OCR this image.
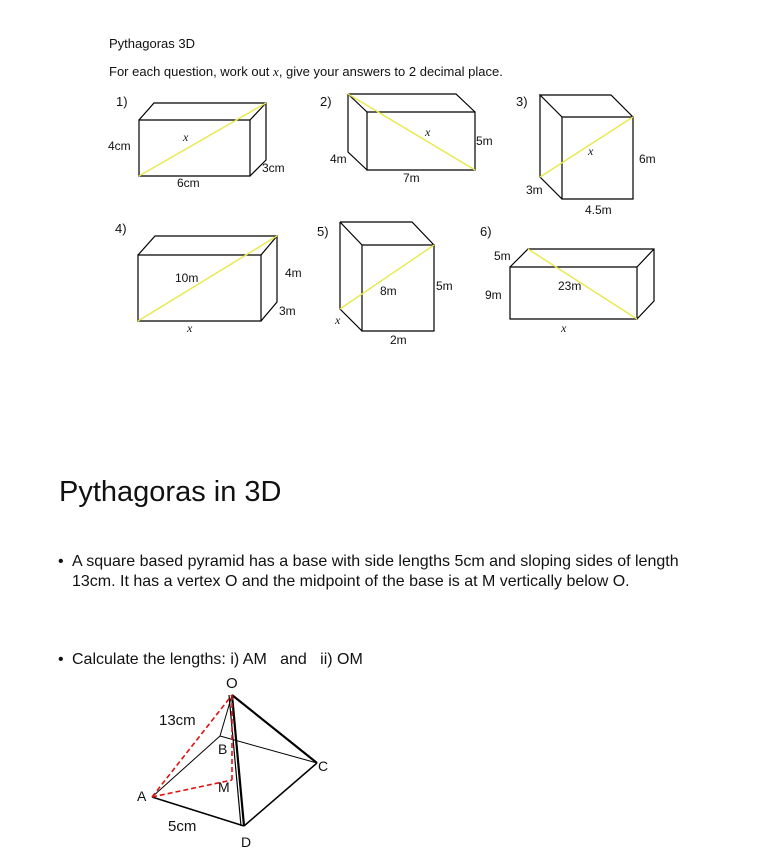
Pythagoras 3D
For each question, work out x, give your answers to 2 decimal place.
1)
4cm
x
6cm
3cm
2)
4m
x
7m
5m
3)
x
6m
3m
4.5m
4)
10m	4m
3m
x
5)
8m	5m
x
2m
6)
5m
9m
23m
x
O
13cm
B
C
M
A
5cm
D
Pythagoras in 3D
• A square based pyramid has a base with side lengths 5cm and sloping sides of length 13cm. It has a vertex O and the midpoint of the base is at M vertically below O.
• Calculate the lengths: i) AM   and   ii) OM
